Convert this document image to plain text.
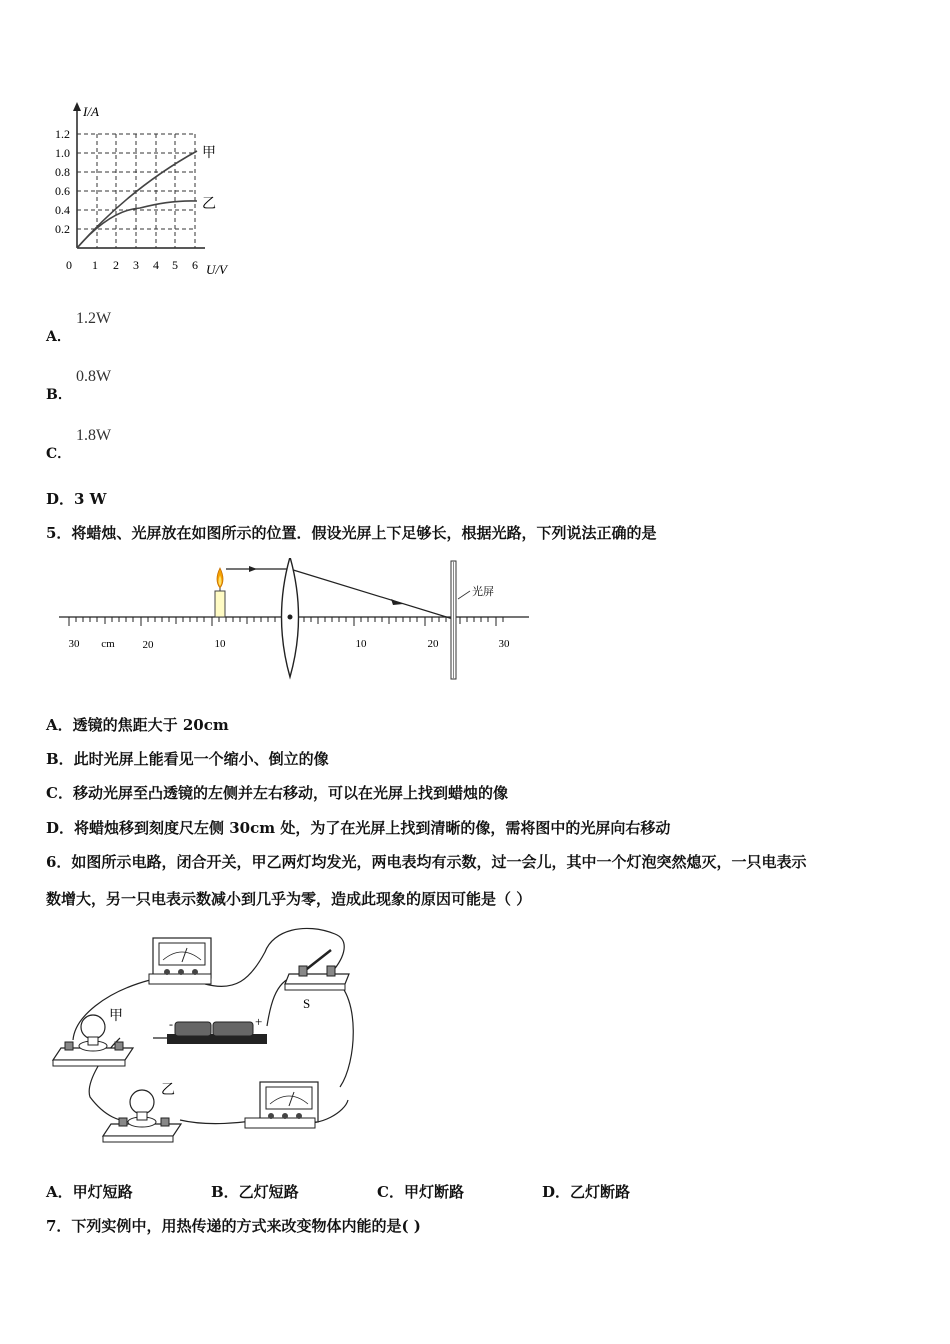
I/A
U/V
1.2
1.0
0.8
0.6
0.4
0.2
0 1 2 3 4 5 6
甲
乙
A．
1.2W
B．
0.8W
C．
1.8W
D．3 W
5．将蜡烛、光屏放在如图所示的位置．假设光屏上下足够长，根据光路，下列说法正确的是
30 cm	20	10	10	20	30
光屏
A．透镜的焦距大于 20cm
B．此时光屏上能看见一个缩小、倒立的像
C．移动光屏至凸透镜的左侧并左右移动，可以在光屏上找到蜡烛的像
D．将蜡烛移到刻度尺左侧 30cm 处，为了在光屏上找到清晰的像，需将图中的光屏向右移动
6．如图所示电路，闭合开关，甲乙两灯均发光，两电表均有示数，过一会儿，其中一个灯泡突然熄灭，一只电表示
数增大，另一只电表示数减小到几乎为零，造成此现象的原因可能是（ ）
S
-	+
甲
乙
A．甲灯短路	B．乙灯短路	C．甲灯断路	D．乙灯断路
7．下列实例中，用热传递的方式来改变物体内能的是( )
